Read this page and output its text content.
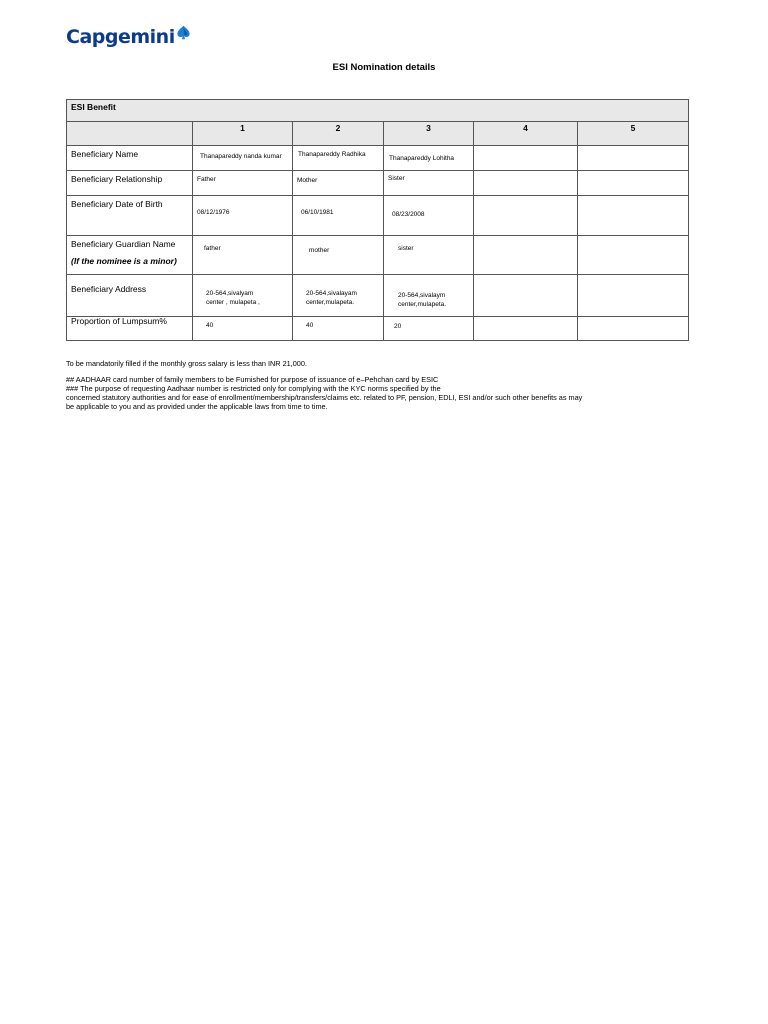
Capgemini
ESI Nomination details
ESI Benefit					

	1	2	3	4	5

Beneficiary Name	Thanapareddy nanda kumar	Thanapareddy Radhika	Thanapareddy Lohitha		

Beneficiary Relationship	Father	Mother	Sister		

Beneficiary Date of Birth	08/12/1976	06/10/1981	08/23/2008		

Beneficiary Guardian Name
(If the nominee is a minor)	father	mother	sister		

Beneficiary Address	20-564,sivalyam center , mulapeta ,	20-564,sivalayam center,mulapeta.	20-564,sivalaym center,mulapeta.		

Proportion of Lumpsum%	40	40	20		

To be mandatorily filled if the monthly gross salary is less than INR 21,000.

## AADHAAR card number of family members to be Furnished for purpose of issuance of e–Pehchan card by ESIC

### The purpose of requesting Aadhaar number is restricted only for complying with the KYC norms specified by the

concerned statutory authorities and for ease of enrollment/membership/transfers/claims etc. related to PF, pension, EDLI, ESI and/or such other benefits as may

be applicable to you and as provided under the applicable laws from time to time.
